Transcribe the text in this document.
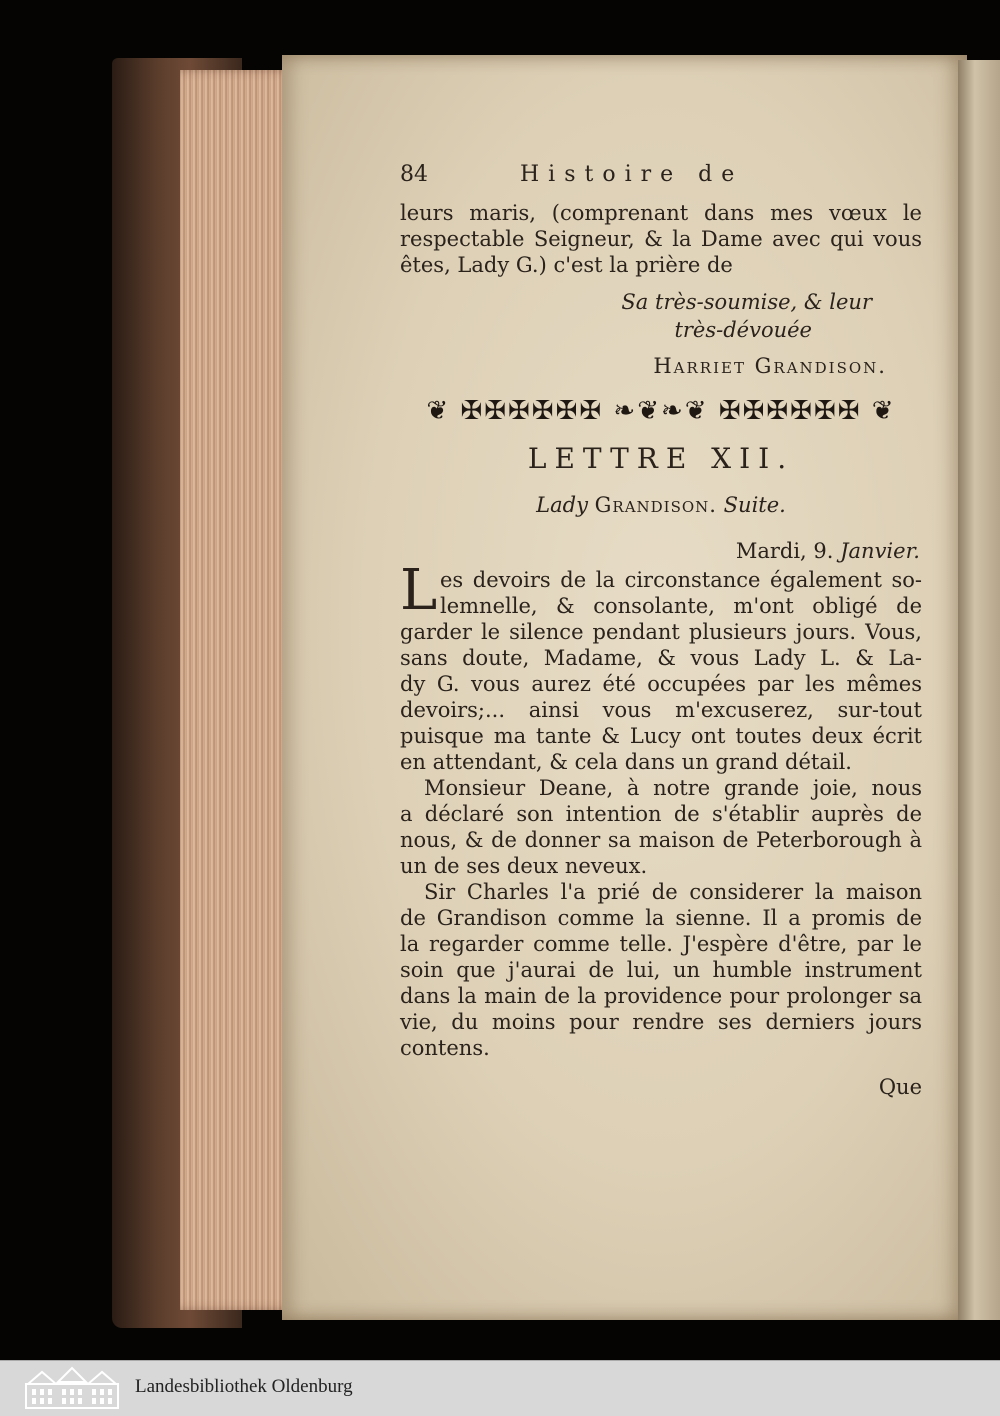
84	Histoire de
leurs maris, (comprenant dans mes vœux le
respectable Seigneur, & la Dame avec qui vous
êtes, Lady G.) c'est la prière de
Sa très-soumise, & leur
très-dévouée
Harriet Grandison.
❦ ✠✠✠✠✠✠ ❧❦❧❦ ✠✠✠✠✠✠ ❦
LETTRE XII.
Lady Grandison. Suite.
Mardi, 9. Janvier.
L es devoirs de la circonstance également so-
lemnelle, & consolante, m'ont obligé de
garder le silence pendant plusieurs jours. Vous,
sans doute, Madame, & vous Lady L. & La-
dy G. vous aurez été occupées par les mêmes
devoirs;... ainsi vous m'excuserez, sur-tout
puisque ma tante & Lucy ont toutes deux écrit
en attendant, & cela dans un grand détail.
Monsieur Deane, à notre grande joie, nous
a déclaré son intention de s'établir auprès de
nous, & de donner sa maison de Peterborough à
un de ses deux neveux.
Sir Charles l'a prié de considerer la maison
de Grandison comme la sienne. Il a promis de
la regarder comme telle. J'espère d'être, par le
soin que j'aurai de lui, un humble instrument
dans la main de la providence pour prolonger sa
vie, du moins pour rendre ses derniers jours
contens.
Que
Landesbibliothek Oldenburg
